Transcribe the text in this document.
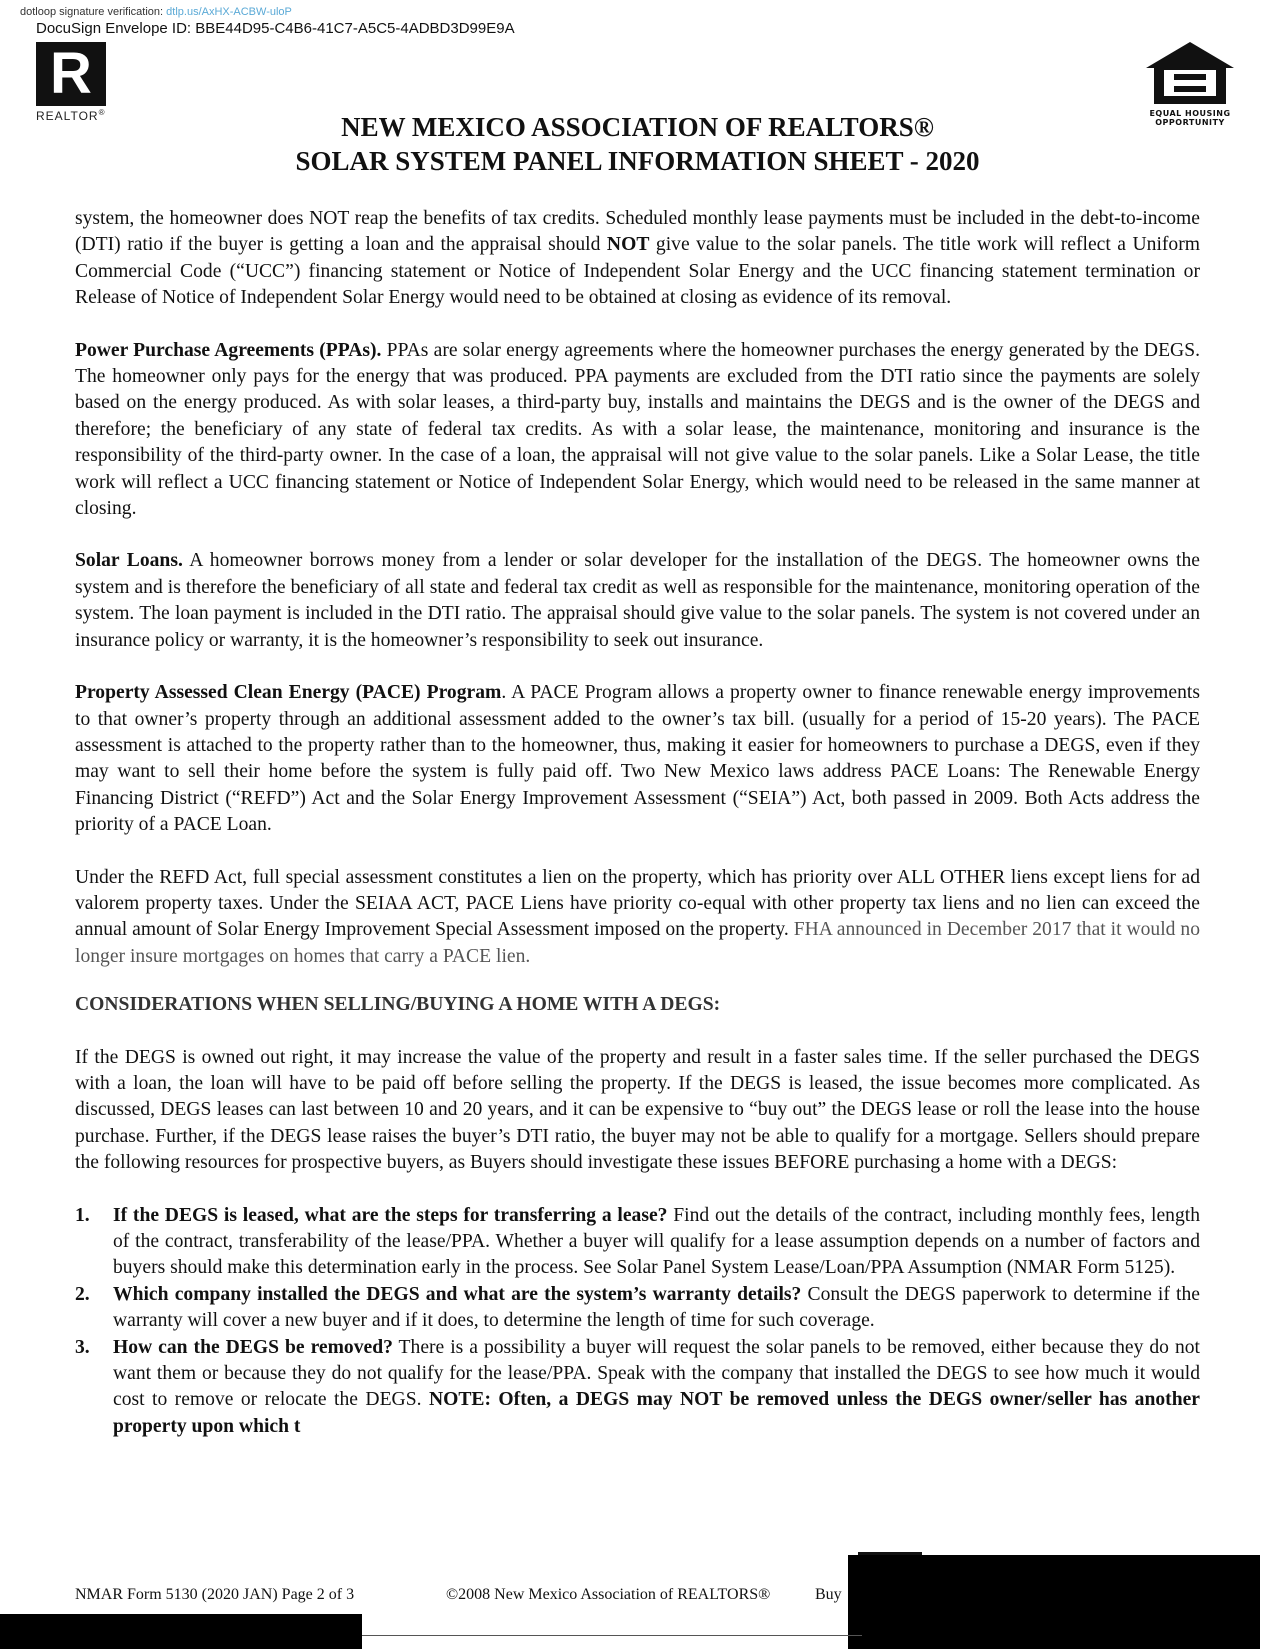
dotloop signature verification: dtlp.us/AxHX-ACBW-uloP
DocuSign Envelope ID: BBE44D95-C4B6-41C7-A5C5-4ADBD3D99E9A
R
REALTOR®	EQUAL HOUSING
OPPORTUNITY
NEW MEXICO ASSOCIATION OF REALTORS®
SOLAR SYSTEM PANEL INFORMATION SHEET - 2020

system, the homeowner does NOT reap the benefits of tax credits. Scheduled monthly lease payments must be included in the debt-to-income (DTI) ratio if the buyer is getting a loan and the appraisal should NOT give value to the solar panels. The title work will reflect a Uniform Commercial Code (“UCC”) financing statement or Notice of Independent Solar Energy and the UCC financing statement termination or Release of Notice of Independent Solar Energy would need to be obtained at closing as evidence of its removal.

Power Purchase Agreements (PPAs). PPAs are solar energy agreements where the homeowner purchases the energy generated by the DEGS. The homeowner only pays for the energy that was produced. PPA payments are excluded from the DTI ratio since the payments are solely based on the energy produced. As with solar leases, a third-party buy, installs and maintains the DEGS and is the owner of the DEGS and therefore; the beneficiary of any state of federal tax credits. As with a solar lease, the maintenance, monitoring and insurance is the responsibility of the third-party owner. In the case of a loan, the appraisal will not give value to the solar panels. Like a Solar Lease, the title work will reflect a UCC financing statement or Notice of Independent Solar Energy, which would need to be released in the same manner at closing.

Solar Loans. A homeowner borrows money from a lender or solar developer for the installation of the DEGS. The homeowner owns the system and is therefore the beneficiary of all state and federal tax credit as well as responsible for the maintenance, monitoring operation of the system. The loan payment is included in the DTI ratio. The appraisal should give value to the solar panels. The system is not covered under an insurance policy or warranty, it is the homeowner’s responsibility to seek out insurance.

Property Assessed Clean Energy (PACE) Program. A PACE Program allows a property owner to finance renewable energy improvements to that owner’s property through an additional assessment added to the owner’s tax bill. (usually for a period of 15-20 years). The PACE assessment is attached to the property rather than to the homeowner, thus, making it easier for homeowners to purchase a DEGS, even if they may want to sell their home before the system is fully paid off. Two New Mexico laws address PACE Loans: The Renewable Energy Financing District (“REFD”) Act and the Solar Energy Improvement Assessment (“SEIA”) Act, both passed in 2009. Both Acts address the priority of a PACE Loan.

Under the REFD Act, full special assessment constitutes a lien on the property, which has priority over ALL OTHER liens except liens for ad valorem property taxes. Under the SEIAA ACT, PACE Liens have priority co-equal with other property tax liens and no lien can exceed the annual amount of Solar Energy Improvement Special Assessment imposed on the property. FHA announced in December 2017 that it would no longer insure mortgages on homes that carry a PACE lien.

CONSIDERATIONS WHEN SELLING/BUYING A HOME WITH A DEGS:

If the DEGS is owned out right, it may increase the value of the property and result in a faster sales time. If the seller purchased the DEGS with a loan, the loan will have to be paid off before selling the property. If the DEGS is leased, the issue becomes more complicated. As discussed, DEGS leases can last between 10 and 20 years, and it can be expensive to “buy out” the DEGS lease or roll the lease into the house purchase. Further, if the DEGS lease raises the buyer’s DTI ratio, the buyer may not be able to qualify for a mortgage. Sellers should prepare the following resources for prospective buyers, as Buyers should investigate these issues BEFORE purchasing a home with a DEGS:

1. If the DEGS is leased, what are the steps for transferring a lease? Find out the details of the contract, including monthly fees, length of the contract, transferability of the lease/PPA. Whether a buyer will qualify for a lease assumption depends on a number of factors and buyers should make this determination early in the process. See Solar Panel System Lease/Loan/PPA Assumption (NMAR Form 5125).
2. Which company installed the DEGS and what are the system’s warranty details? Consult the DEGS paperwork to determine if the warranty will cover a new buyer and if it does, to determine the length of time for such coverage.
3. How can the DEGS be removed? There is a possibility a buyer will request the solar panels to be removed, either because they do not want them or because they do not qualify for the lease/PPA. Speak with the company that installed the DEGS to see how much it would cost to remove or relocate the DEGS. NOTE: Often, a DEGS may NOT be removed unless the DEGS owner/seller has another property upon which t
NMAR Form 5130 (2020 JAN) Page 2 of 3	©2008 New Mexico Association of REALTORS®	Buy
